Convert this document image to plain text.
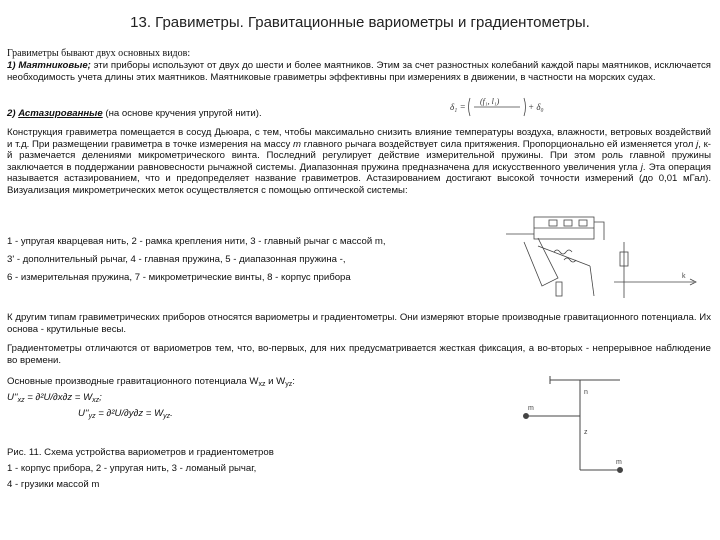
13. Гравиметры. Гравитационные вариометры и градиентометры.
Гравиметры бывают двух основных видов:
1) Маятниковые; эти приборы используют от двух до шести и более маятников. Этим за счет разностных колебаний каждой пары маятников, исключается необходимость учета длины этих маятников. Маятниковые гравиметры эффективны при измерениях в движении, в частности на морских судах.
2) Астазированные (на основе кручения упругой нити).
Конструкция гравиметра помещается в сосуд Дьюара, с тем, чтобы максимально снизить влияние температуры воздуха, влажности, ветровых воздействий и т.д. При размещении гравиметра в точке измерения на массу m главного рычага воздействует сила притяжения. Пропорционально ей изменяется угол j, к-й размечается делениями микрометрического винта. Последний регулирует действие измерительной пружины. При этом роль главной пружины заключается в поддержании равновесности рычажной системы. Диапазонная пружина предназначена для искусственного увеличения угла j. Эта операция называется астазированием, что и предопределяет название гравиметров. Астазированием достигают высокой точности измерений (до 0,01 мГал). Визуализация микрометрических меток осуществляется с помощью оптической системы:
1 - упругая кварцевая нить, 2 - рамка крепления нити, 3 - главный рычаг с массой m,
3' - дополнительный рычаг, 4 - главная пружина, 5 - диапазонная пружина -,
6 - измерительная пружина, 7 - микрометрические винты, 8 - корпус прибора
К другим типам гравиметрических приборов относятся вариометры и градиентометры. Они измеряют вторые производные гравитационного потенциала. Их основа - крутильные весы.
Градиентометры отличаются от вариометров тем, что, во-первых, для них предусматривается жесткая фиксация, а во-вторых - непрерывное наблюдение во времени.
Основные производные гравитационного потенциала $W_{xz}$ и $W_{yz}$:
$U''_{xz} = \partial^2U/\partial x\partial z = W_{xz}$;
$U''_{yz} = \partial^2U/\partial y\partial z = W_{yz}$.
Рис. 11. Схема устройства вариометров и градиентометров
1 - корпус прибора, 2 - упругая нить, 3 - ломаный рычаг,
4 - грузики массой m
δ₁ =
(f₁, l₁)
+ δ₀
k
z
m
m
n
